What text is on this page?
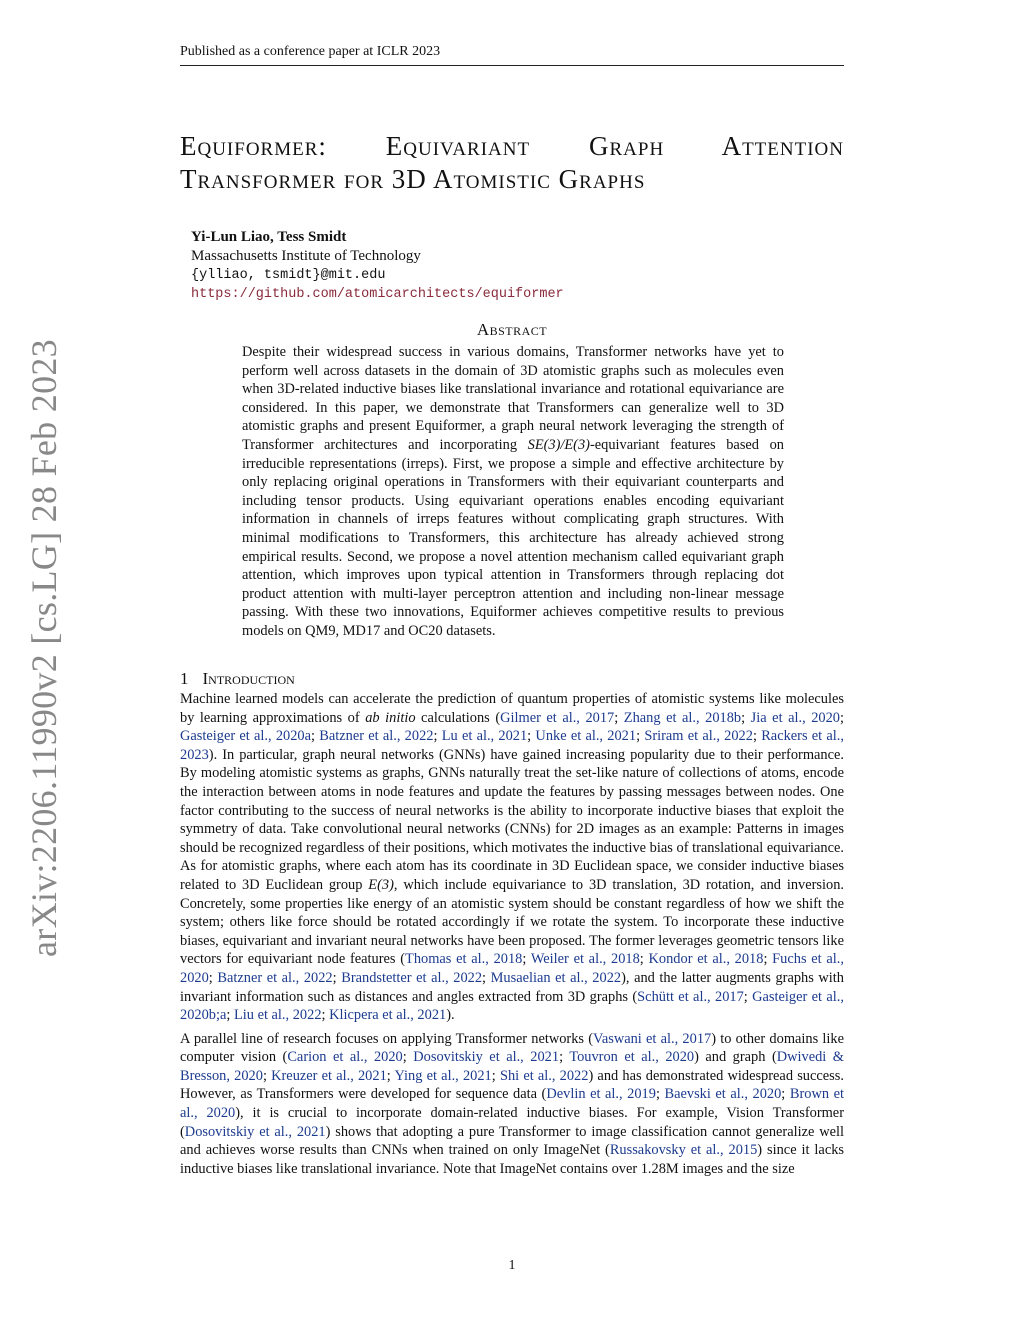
Published as a conference paper at ICLR 2023
arXiv:2206.11990v2 [cs.LG] 28 Feb 2023
Equiformer: Equivariant Graph Attention
Transformer for 3D Atomistic Graphs
Yi-Lun Liao, Tess Smidt
Massachusetts Institute of Technology
{ylliao, tsmidt}@mit.edu
https://github.com/atomicarchitects/equiformer
Abstract
Despite their widespread success in various domains, Transformer networks have yet to perform well across datasets in the domain of 3D atomistic graphs such as molecules even when 3D-related inductive biases like translational invariance and rotational equivariance are considered. In this paper, we demonstrate that Transformers can generalize well to 3D atomistic graphs and present Equiformer, a graph neural network leveraging the strength of Transformer architectures and incorporating SE(3)/E(3)-equivariant features based on irreducible representations (irreps). First, we propose a simple and effective architecture by only replacing original operations in Transformers with their equivariant counterparts and including tensor products. Using equivariant operations enables encoding equivariant information in channels of irreps features without complicating graph structures. With minimal modifications to Transformers, this architecture has already achieved strong empirical results. Second, we propose a novel attention mechanism called equivariant graph attention, which improves upon typical attention in Transformers through replacing dot product attention with multi-layer perceptron attention and including non-linear message passing. With these two innovations, Equiformer achieves competitive results to previous models on QM9, MD17 and OC20 datasets.
1 Introduction

Machine learned models can accelerate the prediction of quantum properties of atomistic systems like molecules by learning approximations of ab initio calculations (Gilmer et al., 2017; Zhang et al., 2018b; Jia et al., 2020; Gasteiger et al., 2020a; Batzner et al., 2022; Lu et al., 2021; Unke et al., 2021; Sriram et al., 2022; Rackers et al., 2023). In particular, graph neural networks (GNNs) have gained increasing popularity due to their performance. By modeling atomistic systems as graphs, GNNs naturally treat the set-like nature of collections of atoms, encode the interaction between atoms in node features and update the features by passing messages between nodes. One factor contributing to the success of neural networks is the ability to incorporate inductive biases that exploit the symmetry of data. Take convolutional neural networks (CNNs) for 2D images as an example: Patterns in images should be recognized regardless of their positions, which motivates the inductive bias of translational equivariance. As for atomistic graphs, where each atom has its coordinate in 3D Euclidean space, we consider inductive biases related to 3D Euclidean group E(3), which include equivariance to 3D translation, 3D rotation, and inversion. Concretely, some properties like energy of an atomistic system should be constant regardless of how we shift the system; others like force should be rotated accordingly if we rotate the system. To incorporate these inductive biases, equivariant and invariant neural networks have been proposed. The former leverages geometric tensors like vectors for equivariant node features (Thomas et al., 2018; Weiler et al., 2018; Kondor et al., 2018; Fuchs et al., 2020; Batzner et al., 2022; Brandstetter et al., 2022; Musaelian et al., 2022), and the latter augments graphs with invariant information such as distances and angles extracted from 3D graphs (Schütt et al., 2017; Gasteiger et al., 2020b;a; Liu et al., 2022; Klicpera et al., 2021).

A parallel line of research focuses on applying Transformer networks (Vaswani et al., 2017) to other domains like computer vision (Carion et al., 2020; Dosovitskiy et al., 2021; Touvron et al., 2020) and graph (Dwivedi & Bresson, 2020; Kreuzer et al., 2021; Ying et al., 2021; Shi et al., 2022) and has demonstrated widespread success. However, as Transformers were developed for sequence data (Devlin et al., 2019; Baevski et al., 2020; Brown et al., 2020), it is crucial to incorporate domain-related inductive biases. For example, Vision Transformer (Dosovitskiy et al., 2021) shows that adopting a pure Transformer to image classification cannot generalize well and achieves worse results than CNNs when trained on only ImageNet (Russakovsky et al., 2015) since it lacks inductive biases like translational invariance. Note that ImageNet contains over 1.28M images and the size

1
